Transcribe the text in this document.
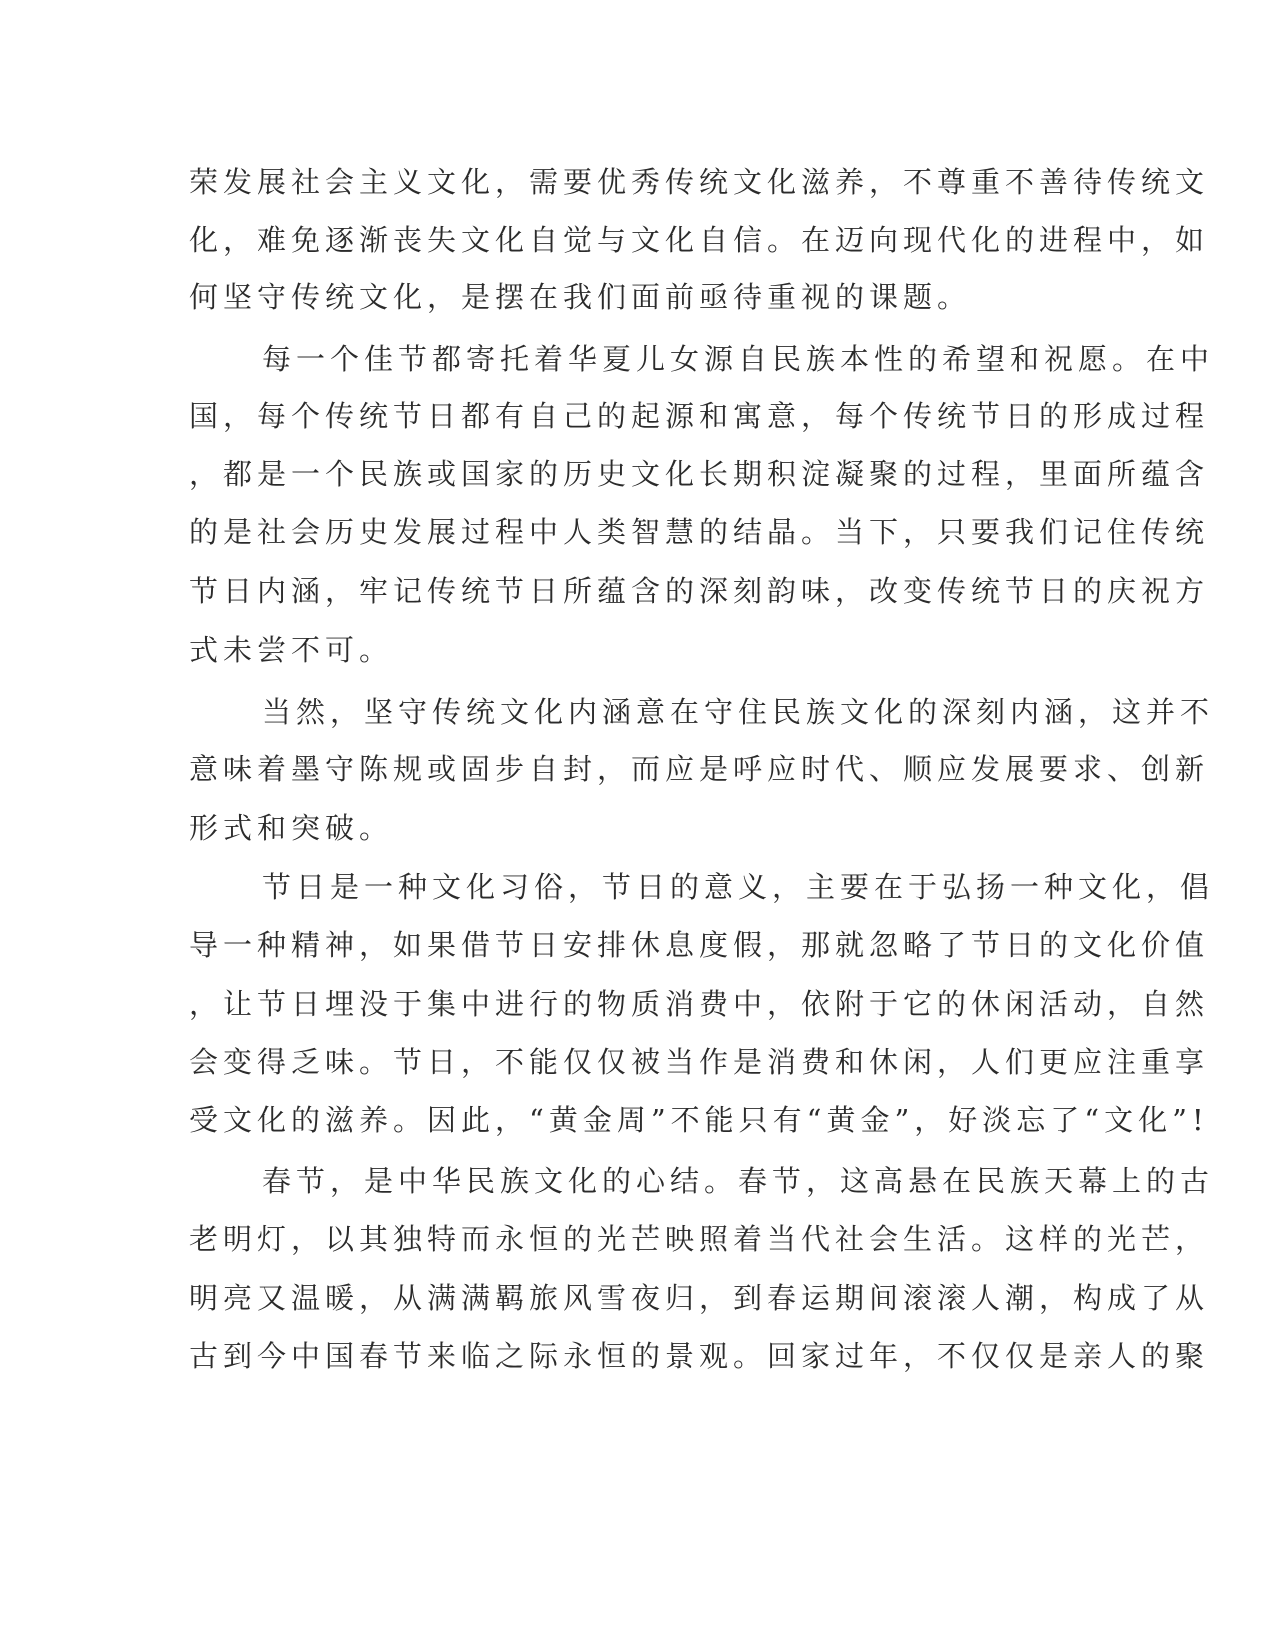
荣发展社会主义文化，需要优秀传统文化滋养，不尊重不善待传统文

化，难免逐渐丧失文化自觉与文化自信。在迈向现代化的进程中，如

何坚守传统文化，是摆在我们面前亟待重视的课题。

每一个佳节都寄托着华夏儿女源自民族本性的希望和祝愿。在中

国，每个传统节日都有自己的起源和寓意，每个传统节日的形成过程

，都是一个民族或国家的历史文化长期积淀凝聚的过程，里面所蕴含

的是社会历史发展过程中人类智慧的结晶。当下，只要我们记住传统

节日内涵，牢记传统节日所蕴含的深刻韵味，改变传统节日的庆祝方

式未尝不可。

当然，坚守传统文化内涵意在守住民族文化的深刻内涵，这并不

意味着墨守陈规或固步自封，而应是呼应时代、顺应发展要求、创新

形式和突破。

节日是一种文化习俗，节日的意义，主要在于弘扬一种文化，倡

导一种精神，如果借节日安排休息度假，那就忽略了节日的文化价值

，让节日埋没于集中进行的物质消费中，依附于它的休闲活动，自然

会变得乏味。节日，不能仅仅被当作是消费和休闲，人们更应注重享

受文化的滋养。因此，“黄金周”不能只有“黄金”，好淡忘了“文化”!

春节，是中华民族文化的心结。春节，这高悬在民族天幕上的古

老明灯，以其独特而永恒的光芒映照着当代社会生活。这样的光芒，

明亮又温暖，从满满羁旅风雪夜归，到春运期间滚滚人潮，构成了从

古到今中国春节来临之际永恒的景观。回家过年，不仅仅是亲人的聚
